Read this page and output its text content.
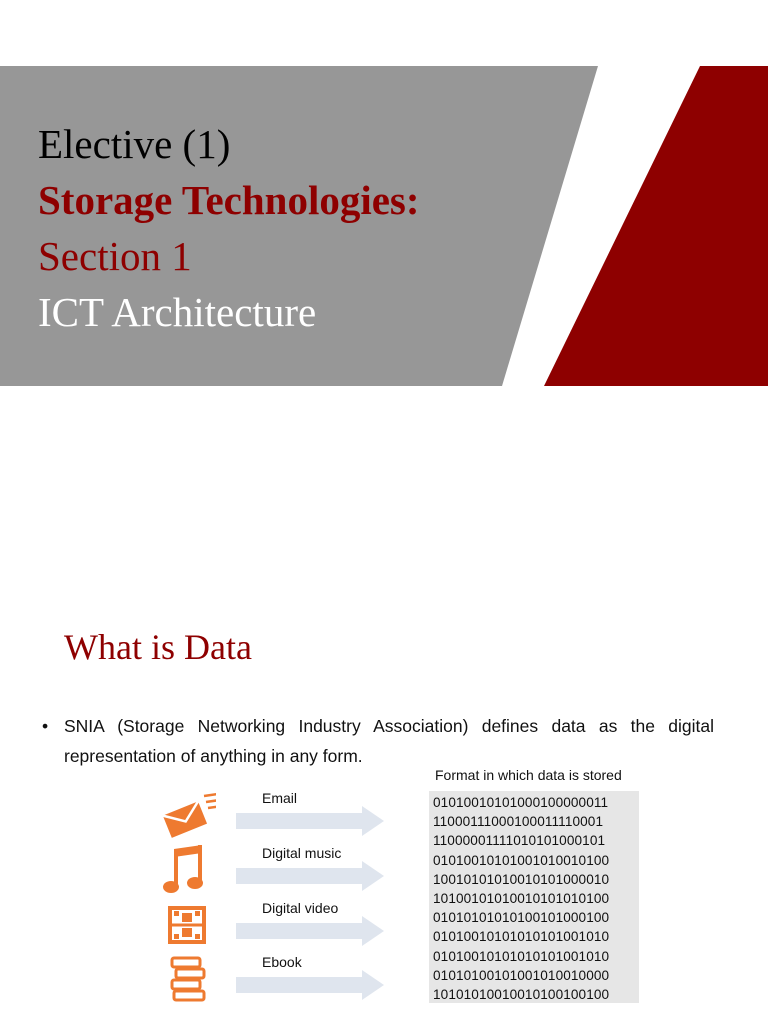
Elective (1)
Storage Technologies:
Section 1
ICT Architecture
What is Data
• SNIA (Storage Networking Industry Association) defines data as the digital representation of anything in any form.
Format in which data is stored
Email
Digital music
Digital video
Ebook
01010010101000100000011
11000111000100011110001
11000001111010101000101
01010010101001010010100
10010101010010101000010
10100101010010101010100
01010101010100101000100
01010010101010101001010
01010010101010101001010
01010100101001010010000
10101010010010100100100
